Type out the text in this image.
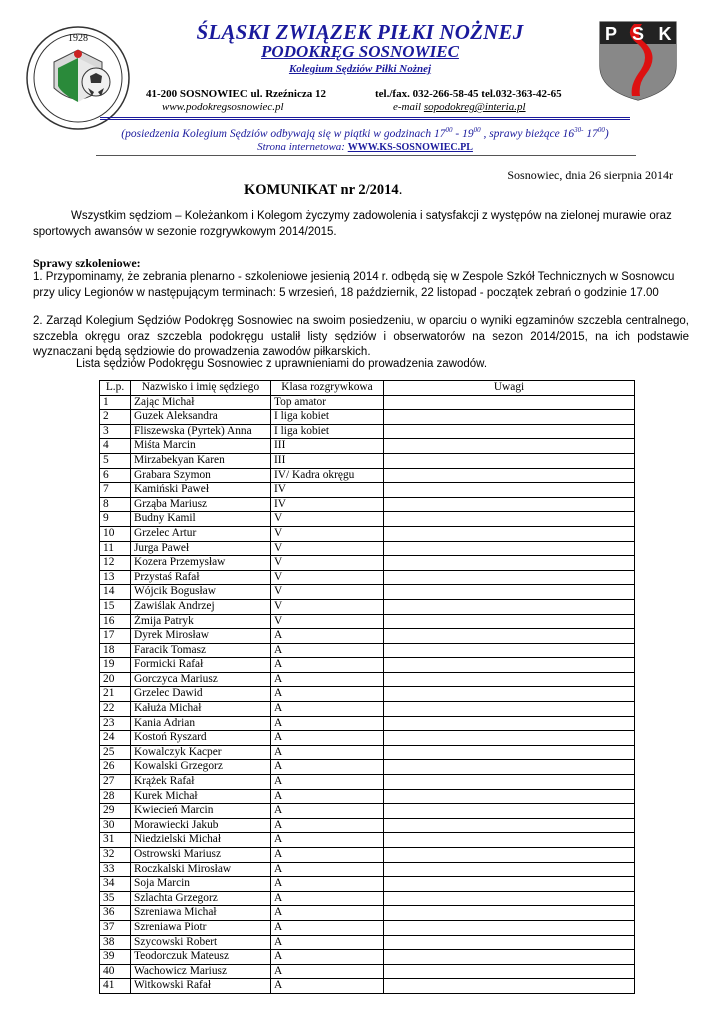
1928	ŚLĄSKI ZWIĄZEK PIŁKI NOŻNEJ
PODOKRĘG SOSNOWIEC
Kolegium Sędziów Piłki Nożnej
41-200 SOSNOWIEC ul. Rzeźnicza 12
www.podokregsosnowiec.pl
tel./fax. 032-266-58-45 tel.032-363-42-65
e-mail sopodokreg@interia.pl
P S K
(posiedzenia Kolegium Sędziów odbywają się w piątki w godzinach $17^{00} - 19^{00}$ , sprawy bieżące $16^{30-}$ $17^{00}$)
Strona internetowa: WWW.KS-SOSNOWIEC.PL
Sosnowiec, dnia 26 sierpnia 2014r
KOMUNIKAT nr 2/2014.
Wszystkim sędziom – Koleżankom i Kolegom życzymy zadowolenia i satysfakcji z występów na zielonej murawie oraz sportowych awansów w sezonie rozgrywkowym 2014/2015.
Sprawy szkoleniowe:
1. Przypominamy, że zebrania plenarno - szkoleniowe jesienią 2014 r. odbędą się w Zespole Szkół Technicznych w Sosnowcu przy ulicy Legionów w następującym terminach: 5 wrzesień, 18 październik, 22 listopad - początek zebrań o godzinie 17.00
2. Zarząd Kolegium Sędziów Podokręg Sosnowiec na swoim posiedzeniu, w oparciu o wyniki egzaminów szczebla centralnego, szczebla okręgu oraz szczebla podokręgu ustalił listy sędziów i obserwatorów na sezon 2014/2015, na ich podstawie wyznaczani będą sędziowie do prowadzenia zawodów piłkarskich.
Lista sędziów Podokręgu Sosnowiec z uprawnieniami do prowadzenia zawodów.
L.p.	Nazwisko i imię sędziego	Klasa rozgrywkowa	Uwagi
1	Zając Michał	Top amator	
2	Guzek Aleksandra	I liga kobiet	
3	Fliszewska (Pyrtek) Anna	I liga kobiet	
4	Miśta Marcin	III	
5	Mirzabekyan Karen	III	
6	Grabara Szymon	IV/ Kadra okręgu	
7	Kamiński Paweł	IV	
8	Grząba Mariusz	IV	
9	Budny Kamil	V	
10	Grzelec Artur	V	
11	Jurga Paweł	V	
12	Kozera Przemysław	V	
13	Przystaś Rafał	V	
14	Wójcik Bogusław	V	
15	Zawiślak Andrzej	V	
16	Żmija Patryk	V	
17	Dyrek Mirosław	A	
18	Faracik Tomasz	A	
19	Formicki Rafał	A	
20	Gorczyca Mariusz	A	
21	Grzelec Dawid	A	
22	Kałuża Michał	A	
23	Kania Adrian	A	
24	Kostoń Ryszard	A	
25	Kowalczyk Kacper	A	
26	Kowalski Grzegorz	A	
27	Krążek Rafał	A	
28	Kurek Michał	A	
29	Kwiecień Marcin	A	
30	Morawiecki Jakub	A	
31	Niedzielski Michał	A	
32	Ostrowski Mariusz	A	
33	Roczkalski Mirosław	A	
34	Soja Marcin	A	
35	Szlachta Grzegorz	A	
36	Szreniawa Michał	A	
37	Szreniawa Piotr	A	
38	Szycowski Robert	A	
39	Teodorczuk Mateusz	A	
40	Wachowicz Mariusz	A	
41	Witkowski Rafał	A	
